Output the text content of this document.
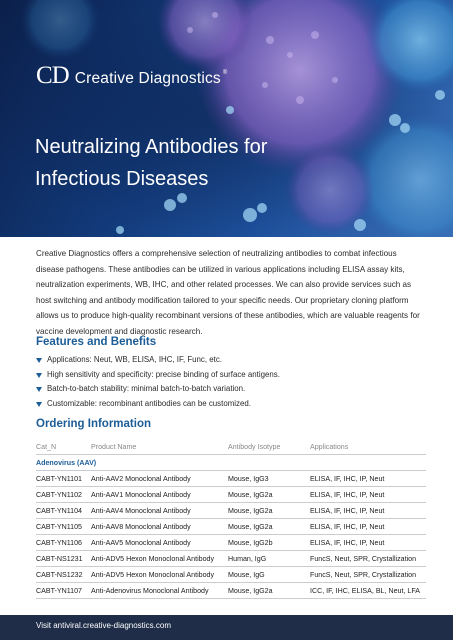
CD Creative Diagnostics ®
Neutralizing Antibodies for
Infectious Diseases

Creative Diagnostics offers a comprehensive selection of neutralizing antibodies to combat infectious disease pathogens. These antibodies can be utilized in various applications including ELISA assay kits, neutralization experiments, WB, IHC, and other related processes. We can also provide services such as host switching and antibody modification tailored to your specific needs. Our proprietary cloning platform allows us to produce high-quality recombinant versions of these antibodies, which are valuable reagents for vaccine development and diagnostic research.

Features and Benefits
Applications: Neut, WB, ELISA, IHC, IF, Func, etc.
High sensitivity and specificity: precise binding of surface antigens.
Batch-to-batch stability: minimal batch-to-batch variation.
Customizable: recombinant antibodies can be customized.
Ordering Information
Cat_N	Product Name	Antibody Isotype	Applications
Adenovirus (AAV)
CABT-YN1101 Anti-AAV2 Monoclonal Antibody	Mouse, IgG3	ELISA, IF, IHC, IP, Neut
CABT-YN1102 Anti-AAV1 Monoclonal Antibody	Mouse, IgG2a	ELISA, IF, IHC, IP, Neut
CABT-YN1104 Anti-AAV4 Monoclonal Antibody	Mouse, IgG2a	ELISA, IF, IHC, IP, Neut
CABT-YN1105 Anti-AAV8 Monoclonal Antibody	Mouse, IgG2a	ELISA, IF, IHC, IP, Neut
CABT-YN1106 Anti-AAV5 Monoclonal Antibody	Mouse, IgG2b	ELISA, IF, IHC, IP, Neut
CABT-NS1231 Anti-ADV5 Hexon Monoclonal Antibody Human, IgG	FuncS, Neut, SPR, Crystallization
CABT-NS1232 Anti-ADV5 Hexon Monoclonal Antibody Mouse, IgG	FuncS, Neut, SPR, Crystallization
CABT-YN1107 Anti-Adenovirus Monoclonal Antibody	Mouse, IgG2a	ICC, IF, IHC, ELISA, BL, Neut, LFA
Visit antiviral.creative-diagnostics.com
